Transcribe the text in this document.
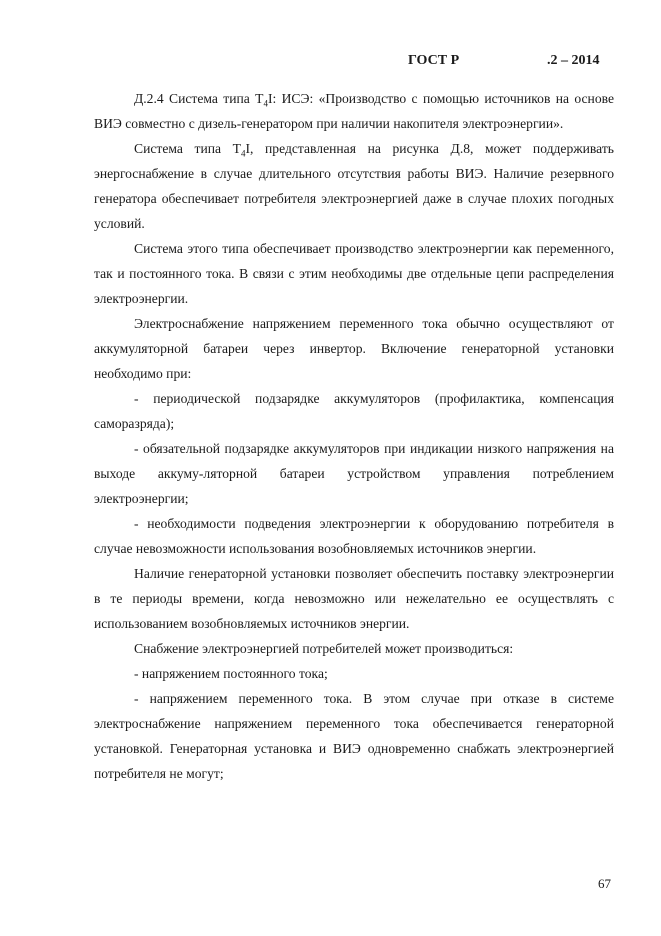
ГОСТ Р	.2 – 2014

Д.2.4 Система типа $Т_4I$: ИСЭ: «Производство с помощью источников на основе ВИЭ совместно с дизель-генератором при наличии накопителя электроэнергии».

Система типа $Т_4I$, представленная на рисунка Д.8, может поддерживать энергоснабжение в случае длительного отсутствия работы ВИЭ. Наличие резервного генератора обеспечивает потребителя электроэнергией даже в случае плохих погодных условий.

Система этого типа обеспечивает производство электроэнергии как переменного, так и постоянного тока. В связи с этим необходимы две отдельные цепи распределения электроэнергии.

Электроснабжение напряжением переменного тока обычно осуществляют от аккумуляторной батареи через инвертор. Включение генераторной установки необходимо при:

- периодической подзарядке аккумуляторов (профилактика, компенсация саморазряда);

- обязательной подзарядке аккумуляторов при индикации низкого напряжения на выходе аккуму-ляторной батареи устройством управления потреблением электроэнергии;

- необходимости подведения электроэнергии к оборудованию потребителя в случае невозможности использования возобновляемых источников энергии.

Наличие генераторной установки позволяет обеспечить поставку электроэнергии в те периоды времени, когда невозможно или нежелательно ее осуществлять с использованием возобновляемых источников энергии.

Снабжение электроэнергией потребителей может производиться:

- напряжением постоянного тока;

- напряжением переменного тока. В этом случае при отказе в системе электроснабжение напряжением переменного тока обеспечивается генераторной установкой. Генераторная установка и ВИЭ одновременно снабжать электроэнергией потребителя не могут;

67
